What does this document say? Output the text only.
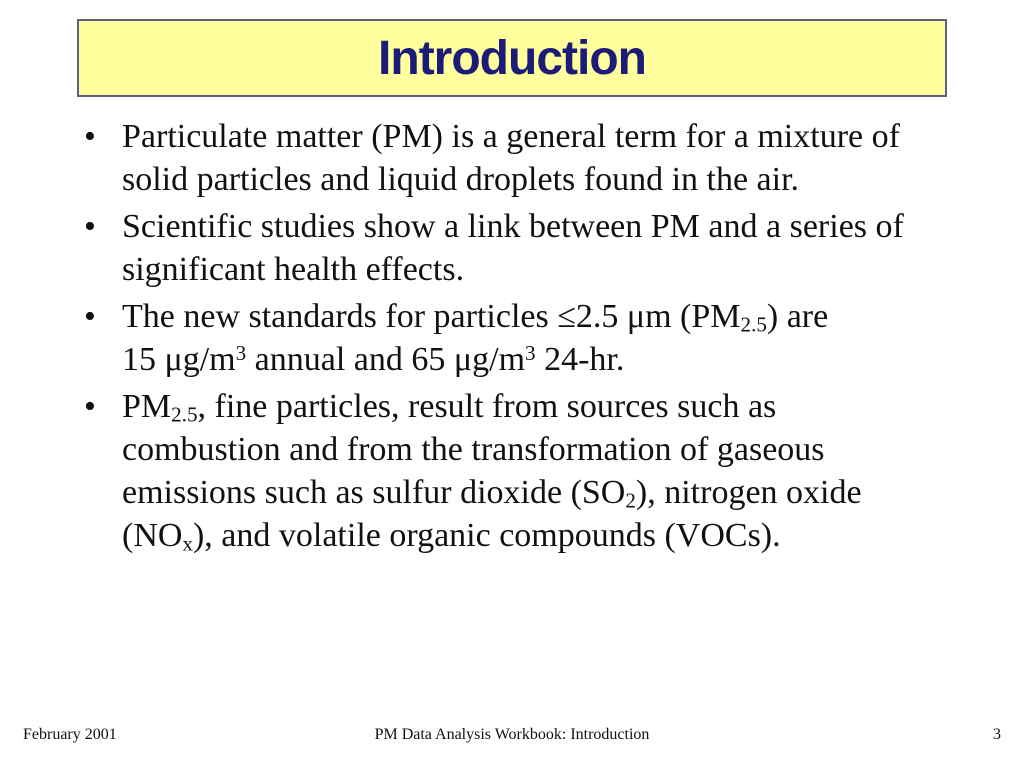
Introduction
• Particulate matter (PM) is a general term for a mixture of
solid particles and liquid droplets found in the air.
• Scientific studies show a link between PM and a series of
significant health effects.
• The new standards for particles ≤2.5 μm $(PM_{2.5})$ are
15 $\mu g/m^3$ annual and 65 $\mu g/m^3$ 24-hr.
• $PM_{2.5}$, fine particles, result from sources such as
combustion and from the transformation of gaseous
emissions such as sulfur dioxide $(SO_2)$, nitrogen oxide
$(NO_x)$, and volatile organic compounds (VOCs).
February 2001	PM Data Analysis Workbook: Introduction	3
